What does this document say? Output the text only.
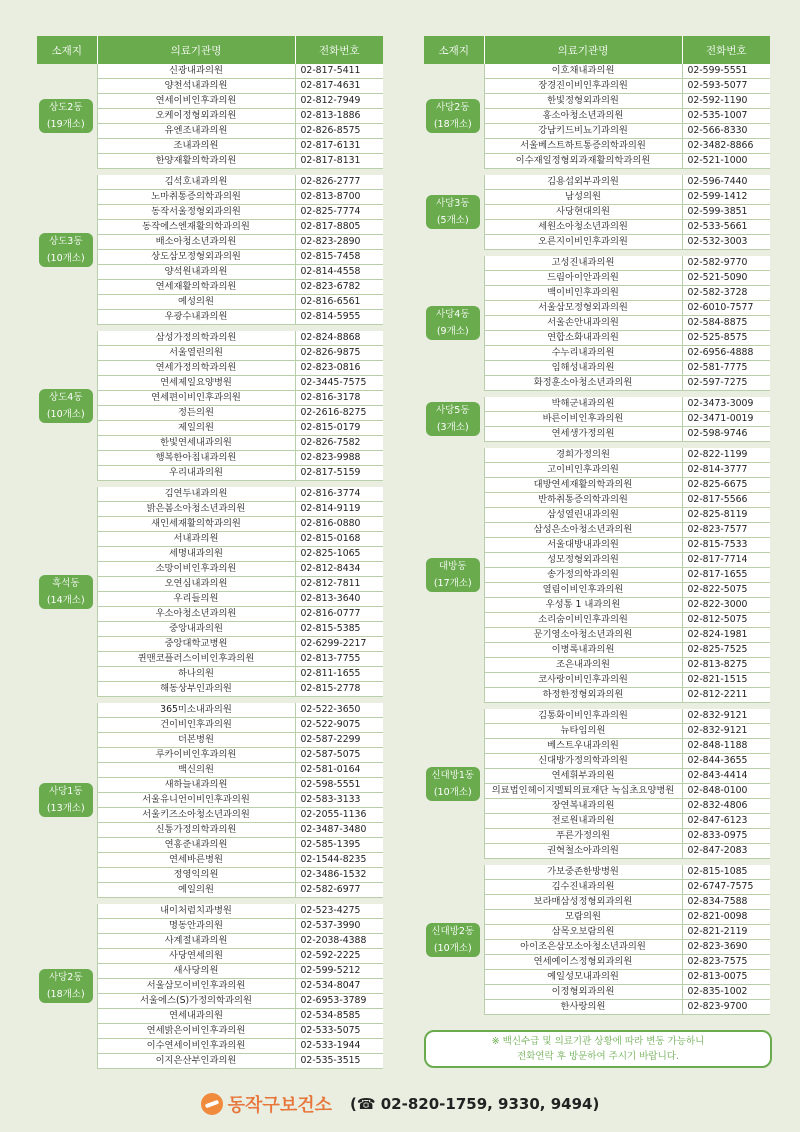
소재지	의료기관명	전화번호

상도2동
(19개소)	신광내과의원	02-817-5411
	양천석내과의원	02-817-4631
	연세이비인후과의원	02-812-7949
	오케이정형외과의원	02-813-1886
	유엔조내과의원	02-826-8575
	조내과의원	02-817-6131
	한양재활의학과의원	02-817-8131

상도3동
(10개소)	김석호내과의원	02-826-2777
	노마취통증의학과의원	02-813-8700
	동작서울정형외과의원	02-825-7774
	동작에스엔재활의학과의원	02-817-8805
	배소아청소년과의원	02-823-2890
	상도삼모정형외과의원	02-815-7458
	양석원내과의원	02-814-4558
	연세재활의학과의원	02-823-6782
	예성의원	02-816-6561
	우광수내과의원	02-814-5955

상도4동
(10개소)	삼성가정의학과의원	02-824-8868
	서울열린의원	02-826-9875
	연세가정의학과의원	02-823-0816
	연세제일요양병원	02-3445-7575
	연세편이비인후과의원	02-816-3178
	정든의원	02-2616-8275
	제일의원	02-815-0179
	한빛연세내과의원	02-826-7582
	행복한아침내과의원	02-823-9988
	우리내과의원	02-817-5159

흑석동
(14개소)	김연두내과의원	02-816-3774
	밝은봄소아청소년과의원	02-814-9119
	새인세재활의학과의원	02-816-0880
	서내과의원	02-815-0168
	세명내과의원	02-825-1065
	소망이비인후과의원	02-812-8434
	오연심내과의원	02-812-7811
	우리들의원	02-813-3640
	우소아청소년과의원	02-816-0777
	중앙내과의원	02-815-5385
	중앙대학교병원	02-6299-2217
	퀸맨코플러스이비인후과의원	02-813-7755
	하나의원	02-811-1655
	해동상부인과의원	02-815-2778

사당1동
(13개소)	365미소내과의원	02-522-3650
	건이비인후과의원	02-522-9075
	더본병원	02-587-2299
	루카이비인후과의원	02-587-5075
	백신의원	02-581-0164
	새하늘내과의원	02-598-5551
	서울유니언이비인후과의원	02-583-3133
	서울키즈소아청소년과의원	02-2055-1136
	신통가정의학과의원	02-3487-3480
	연홍준내과의원	02-585-1395
	연세바른병원	02-1544-8235
	정영익의원	02-3486-1532
	예일의원	02-582-6977

사당2동
(18개소)	내이처럼치과병원	02-523-4275
	명동안과의원	02-537-3990
	사계절내과의원	02-2038-4388
	사당연세의원	02-592-2225
	새사당의원	02-599-5212
	서울삼모이비인후과의원	02-534-8047
	서울에스(S)가정의학과의원	02-6953-3789
	연세내과의원	02-534-8585
	연세밝은이비인후과의원	02-533-5075
	이수연세이비인후과의원	02-533-1944
	이지은산부인과의원	02-535-3515
소재지	의료기관명	전화번호

사당2동
(18개소)	이호채내과의원	02-599-5551
	장경진이비인후과의원	02-593-5077
	한빛정형외과의원	02-592-1190
	홍소아청소년과의원	02-535-1007
	강남키드비뇨기과의원	02-566-8330
	서울베스트하트통증의학과의원	02-3482-8866
	이수재일정형외과재활의학과의원	02-521-1000

사당3동
(5개소)	김용섭외부과의원	02-596-7440
	남성의원	02-599-1412
	사당현대의원	02-599-3851
	세원소아청소년과의원	02-533-5661
	오른지이비인후과의원	02-532-3003

사당4동
(9개소)	고성진내과의원	02-582-9770
	드림아이안과의원	02-521-5090
	백이비인후과의원	02-582-3728
	서울삼모정형외과의원	02-6010-7577
	서울손안내과의원	02-584-8875
	연합소화내과의원	02-525-8575
	수누리내과의원	02-6956-4888
	임해성내과의원	02-581-7775
	화정훈소아청소년과의원	02-597-7275

사당5동
(3개소)	박해군내과의원	02-3473-3009
	바른이비인후과의원	02-3471-0019
	연세생가정의원	02-598-9746

대방동
(17개소)	경희가정의원	02-822-1199
	고이비인후과의원	02-814-3777
	대방연세재활의학과의원	02-825-6675
	반하취통증의학과의원	02-817-5566
	삼성열린내과의원	02-825-8119
	삼성은소아청소년과의원	02-823-7577
	서울대방내과의원	02-815-7533
	성모정형외과의원	02-817-7714
	송가정의학과의원	02-817-1655
	열림이비인후과의원	02-822-5075
	우성통 1 내과의원	02-822-3000
	소리숨이비인후과의원	02-812-5075
	문기영소아청소년과의원	02-824-1981
	이병록내과의원	02-825-7525
	조은내과의원	02-813-8275
	코사랑이비인후과의원	02-821-1515
	하정한정형외과의원	02-812-2211

신대방1동
(10개소)	김통화이비인후과의원	02-832-9121
	뉴타임의원	02-832-9121
	베스트우내과의원	02-848-1188
	신대방가정의학과의원	02-844-3655
	연세휘부과의원	02-843-4414
	의료법인헤이지멜퇴의료재단 녹십초요양병원	02-848-0100
	장연복내과의원	02-832-4806
	전로원내과의원	02-847-6123
	푸른가정의원	02-833-0975
	권혁철소아과의원	02-847-2083

신대방2동
(10개소)	가보중존한방병원	02-815-1085
	김수진내과의원	02-6747-7575
	보라매삼성정형외과의원	02-834-7588
	모람의원	02-821-0098
	삼목오보람의원	02-821-2119
	아이조은삼모소아청소년과의원	02-823-3690
	연세예이스정형외과의원	02-823-7575
	예일성모내과의원	02-813-0075
	이정형외과의원	02-835-1002
	한사랑의원	02-823-9700
※ 백신수급 및 의료기관 상황에 따라 변동 가능하니
전화연락 후 방문하여 주시기 바랍니다.
동작구보건소 (☎ 02-820-1759, 9330, 9494)
